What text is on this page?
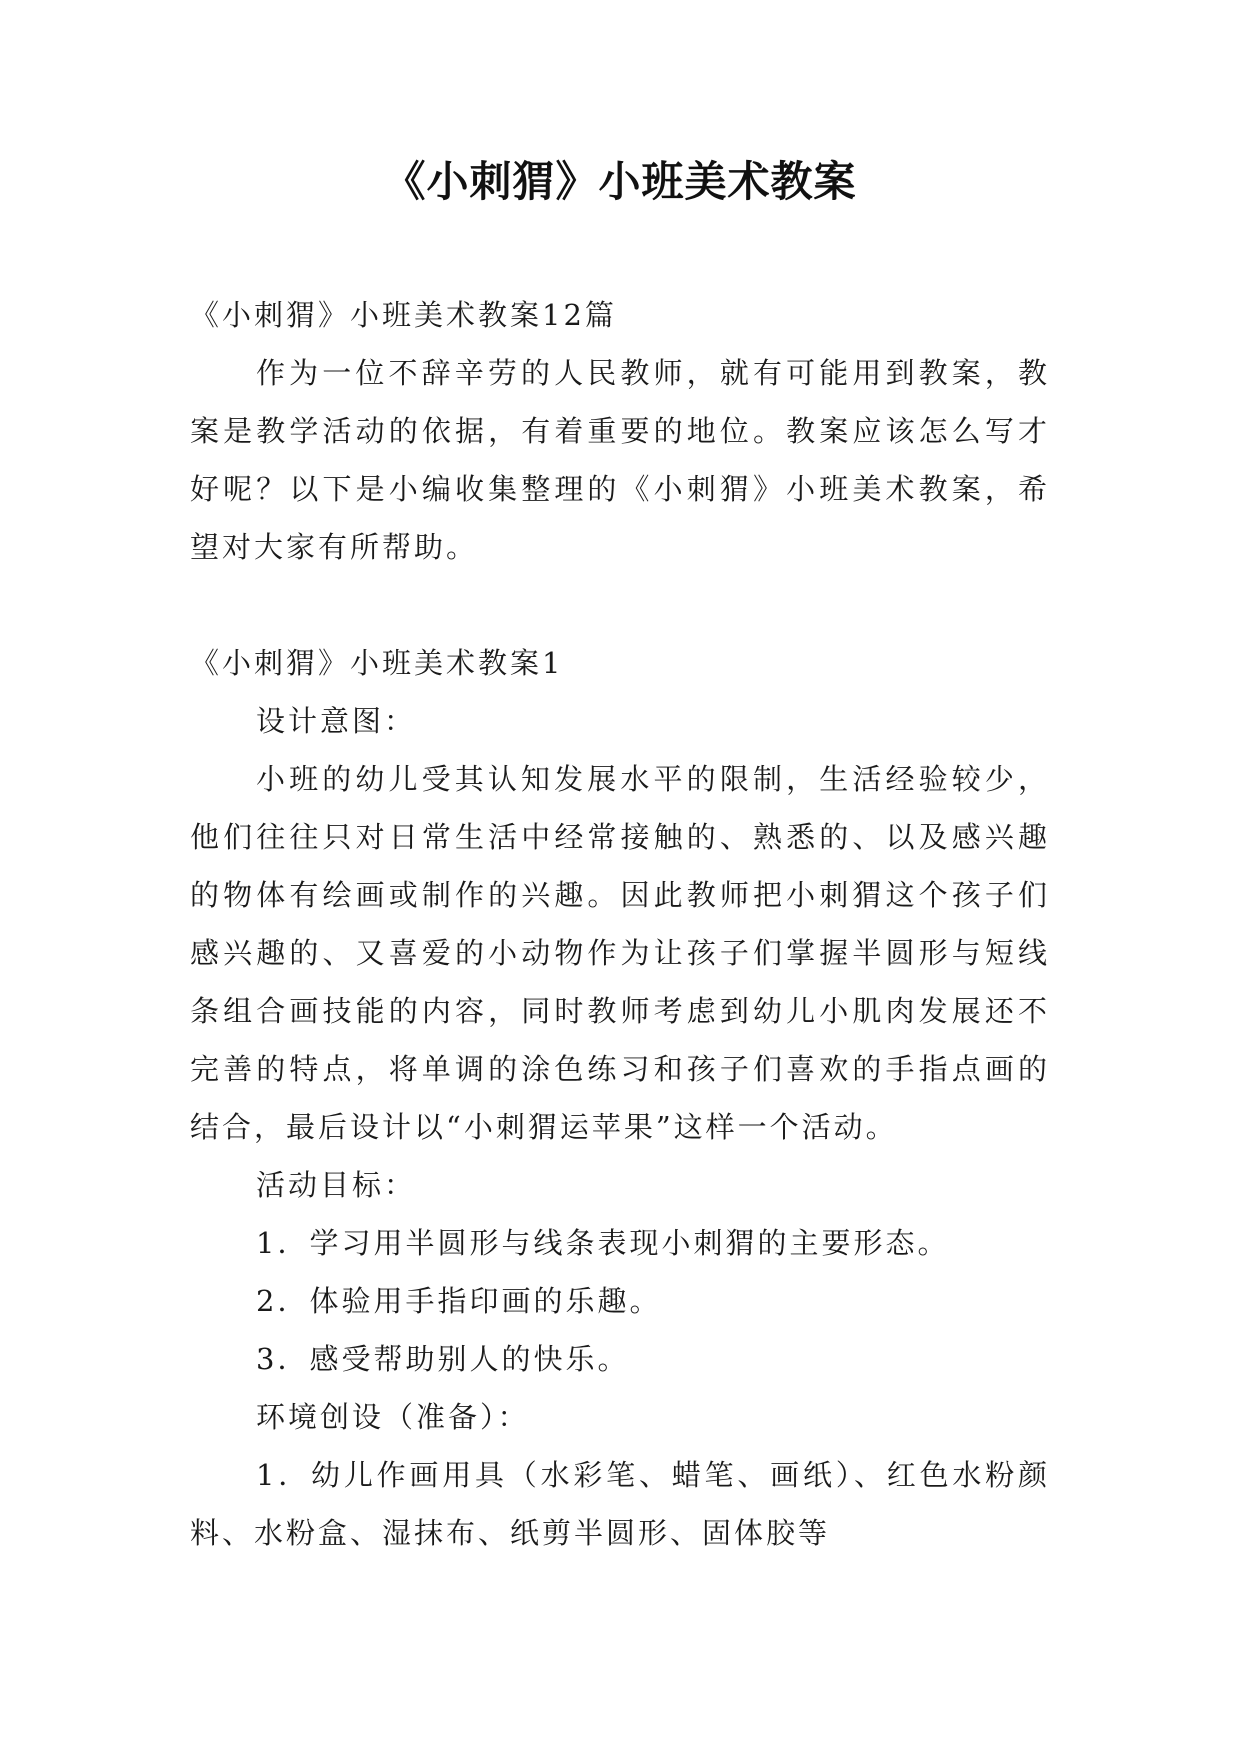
《小刺猬》小班美术教案

《小刺猬》小班美术教案12篇

作为一位不辞辛劳的人民教师，就有可能用到教案，教案是教学活动的依据，有着重要的地位。教案应该怎么写才好呢？以下是小编收集整理的《小刺猬》小班美术教案，希望对大家有所帮助。

《小刺猬》小班美术教案1

设计意图：

小班的幼儿受其认知发展水平的限制，生活经验较少，他们往往只对日常生活中经常接触的、熟悉的、以及感兴趣的物体有绘画或制作的兴趣。因此教师把小刺猬这个孩子们感兴趣的、又喜爱的小动物作为让孩子们掌握半圆形与短线条组合画技能的内容，同时教师考虑到幼儿小肌肉发展还不完善的特点，将单调的涂色练习和孩子们喜欢的手指点画的结合，最后设计以“小刺猬运苹果”这样一个活动。

活动目标：

1．学习用半圆形与线条表现小刺猬的主要形态。

2．体验用手指印画的乐趣。

3．感受帮助别人的快乐。

环境创设（准备）：

1．幼儿作画用具（水彩笔、蜡笔、画纸）、红色水粉颜料、水粉盒、湿抹布、纸剪半圆形、固体胶等
